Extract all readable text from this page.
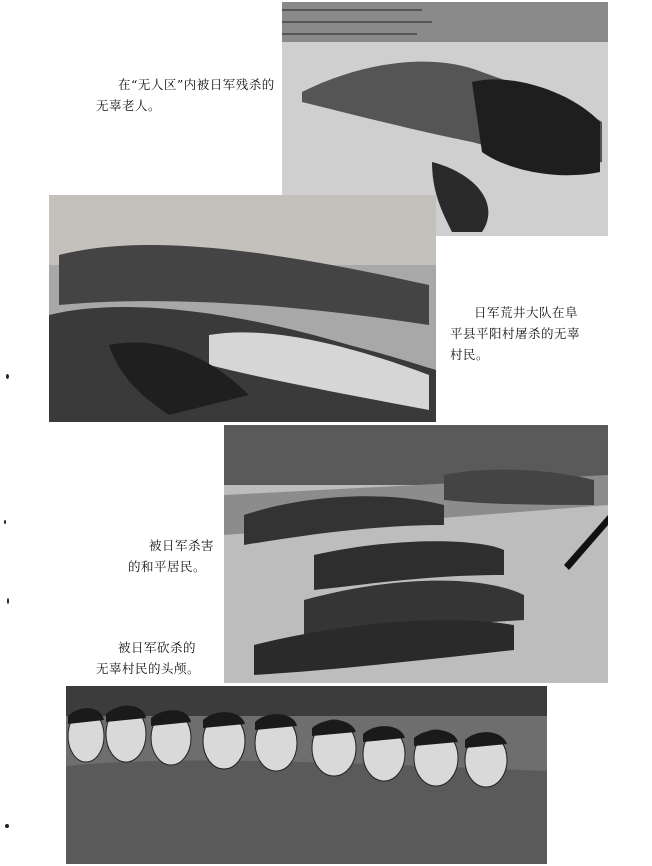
在“无人区”内被日军残杀的
无辜老人。

日军荒井大队在阜
平县平阳村屠杀的无辜
村民。

被日军杀害
的和平居民。

被日军砍杀的
无辜村民的头颅。
